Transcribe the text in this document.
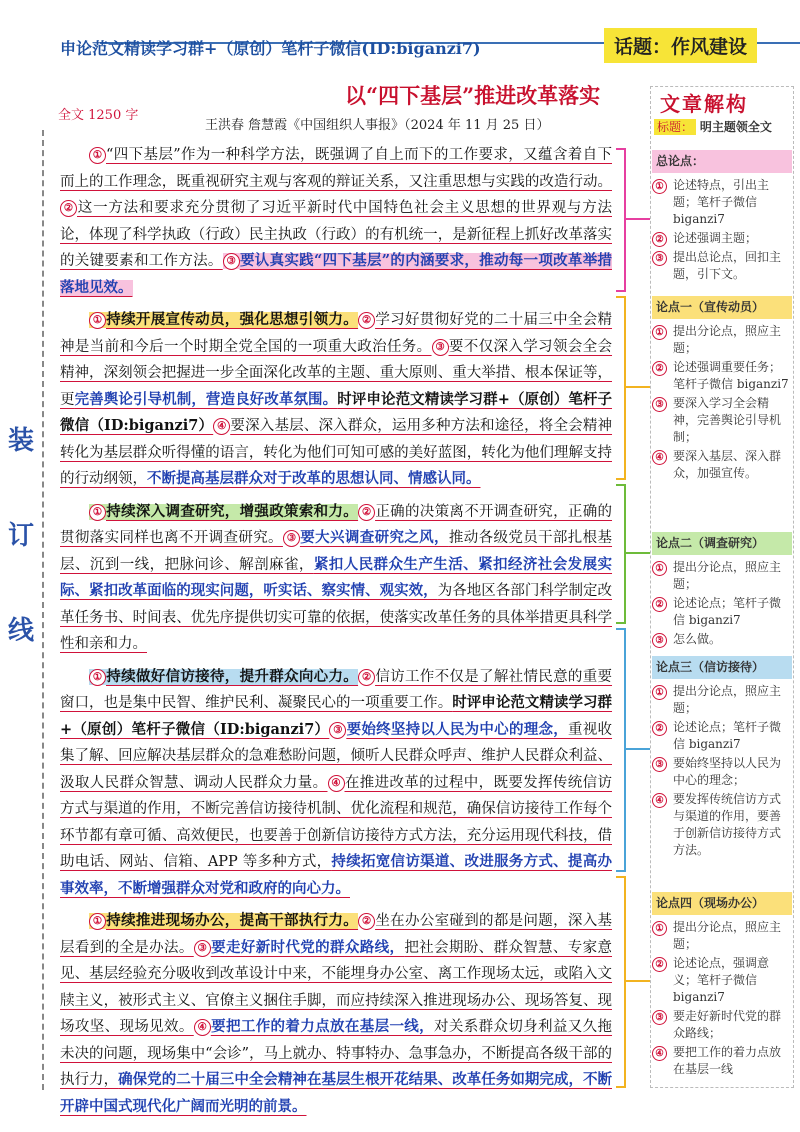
申论范文精读学习群+（原创）笔杆子微信(ID:biganzi7)	话题：作风建设
以“四下基层”推进改革落实
全文 1250 字
王洪春 詹慧霞《中国组织人事报》（2024 年 11 月 25 日）
装
订
线

① “四下基层”作为一种科学方法，既强调了自上而下的工作要求，又蕴含着自下而上的工作理念，既重视研究主观与客观的辩证关系，又注重思想与实践的改造行动。② 这一方法和要求充分贯彻了习近平新时代中国特色社会主义思想的世界观与方法论，体现了科学执政（行政）民主执政（行政）的有机统一，是新征程上抓好改革落实的关键要素和工作方法。 ③ 要认真实践“四下基层”的内涵要求，推动每一项改革举措落地见效。

① 持续开展宣传动员，强化思想引领力。 ② 学习好贯彻好党的二十届三中全会精神是当前和今后一个时期全党全国的一项重大政治任务。 ③ 要不仅深入学习领会全会精神，深刻领会把握进一步全面深化改革的主题、重大原则、重大举措、根本保证等，更完善舆论引导机制，营造良好改革氛围。时评申论范文精读学习群+（原创）笔杆子微信（ID:biganzi7） ④ 要深入基层、深入群众，运用多种方法和途径，将全会精神转化为基层群众听得懂的语言，转化为他们可知可感的美好蓝图，转化为他们理解支持的行动纲领，不断提高基层群众对于改革的思想认同、情感认同。

① 持续深入调查研究，增强政策索和力。 ② 正确的决策离不开调查研究，正确的贯彻落实同样也离不开调查研究。 ③ 要大兴调查研究之风，推动各级党员干部扎根基层、沉到一线，把脉问诊、解剖麻雀，紧扣人民群众生产生活、紧扣经济社会发展实际、紧扣改革面临的现实问题，听实话、察实情、观实效，为各地区各部门科学制定改革任务书、时间表、优先序提供切实可靠的依据，使落实改革任务的具体举措更具科学性和亲和力。

① 持续做好信访接待，提升群众向心力。 ② 信访工作不仅是了解社情民意的重要窗口，也是集中民智、维护民利、凝聚民心的一项重要工作。时评申论范文精读学习群+（原创）笔杆子微信（ID:biganzi7） ③ 要始终坚持以人民为中心的理念，重视收集了解、回应解决基层群众的急难愁盼问题，倾听人民群众呼声、维护人民群众利益、汲取人民群众智慧、调动人民群众力量。 ④ 在推进改革的过程中，既要发挥传统信访方式与渠道的作用，不断完善信访接待机制、优化流程和规范，确保信访接待工作每个环节都有章可循、高效便民，也要善于创新信访接待方式方法，充分运用现代科技，借助电话、网站、信箱、APP 等多种方式，持续拓宽信访渠道、改进服务方式、提高办事效率，不断增强群众对党和政府的向心力。

① 持续推进现场办公，提高干部执行力。 ② 坐在办公室碰到的都是问题，深入基层看到的全是办法。 ③ 要走好新时代党的群众路线，把社会期盼、群众智慧、专家意见、基层经验充分吸收到改革设计中来，不能埋身办公室、离工作现场太远，或陷入文牍主义，被形式主义、官僚主义捆住手脚，而应持续深入推进现场办公、现场答复、现场攻坚、现场见效。 ④ 要把工作的着力点放在基层一线，对关系群众切身利益又久拖未决的问题，现场集中“会诊”，马上就办、特事特办、急事急办，不断提高各级干部的执行力，确保党的二十届三中全会精神在基层生根开花结果、改革任务如期完成，不断开辟中国式现代化广阔而光明的前景。

文章解构
标题： 明主题领全文
总论点：
① 论述特点，引出主题；笔杆子微信 biganzi7
② 论述强调主题；
③ 提出总论点，回扣主题，引下文。
论点一（宣传动员）
① 提出分论点，照应主题；
② 论述强调重要任务；笔杆子微信 biganzi7
③ 要深入学习全会精神，完善舆论引导机制；
④ 要深入基层、深入群众，加强宣传。
论点二（调查研究）
① 提出分论点，照应主题；
② 论述论点；笔杆子微信 biganzi7
③ 怎么做。
论点三（信访接待）
① 提出分论点，照应主题；
② 论述论点；笔杆子微信 biganzi7
③ 要始终坚持以人民为中心的理念；
④ 要发挥传统信访方式与渠道的作用，要善于创新信访接待方式方法。
论点四（现场办公）
① 提出分论点，照应主题；
② 论述论点，强调意义；笔杆子微信 biganzi7
③ 要走好新时代党的群众路线；
④ 要把工作的着力点放在基层一线
